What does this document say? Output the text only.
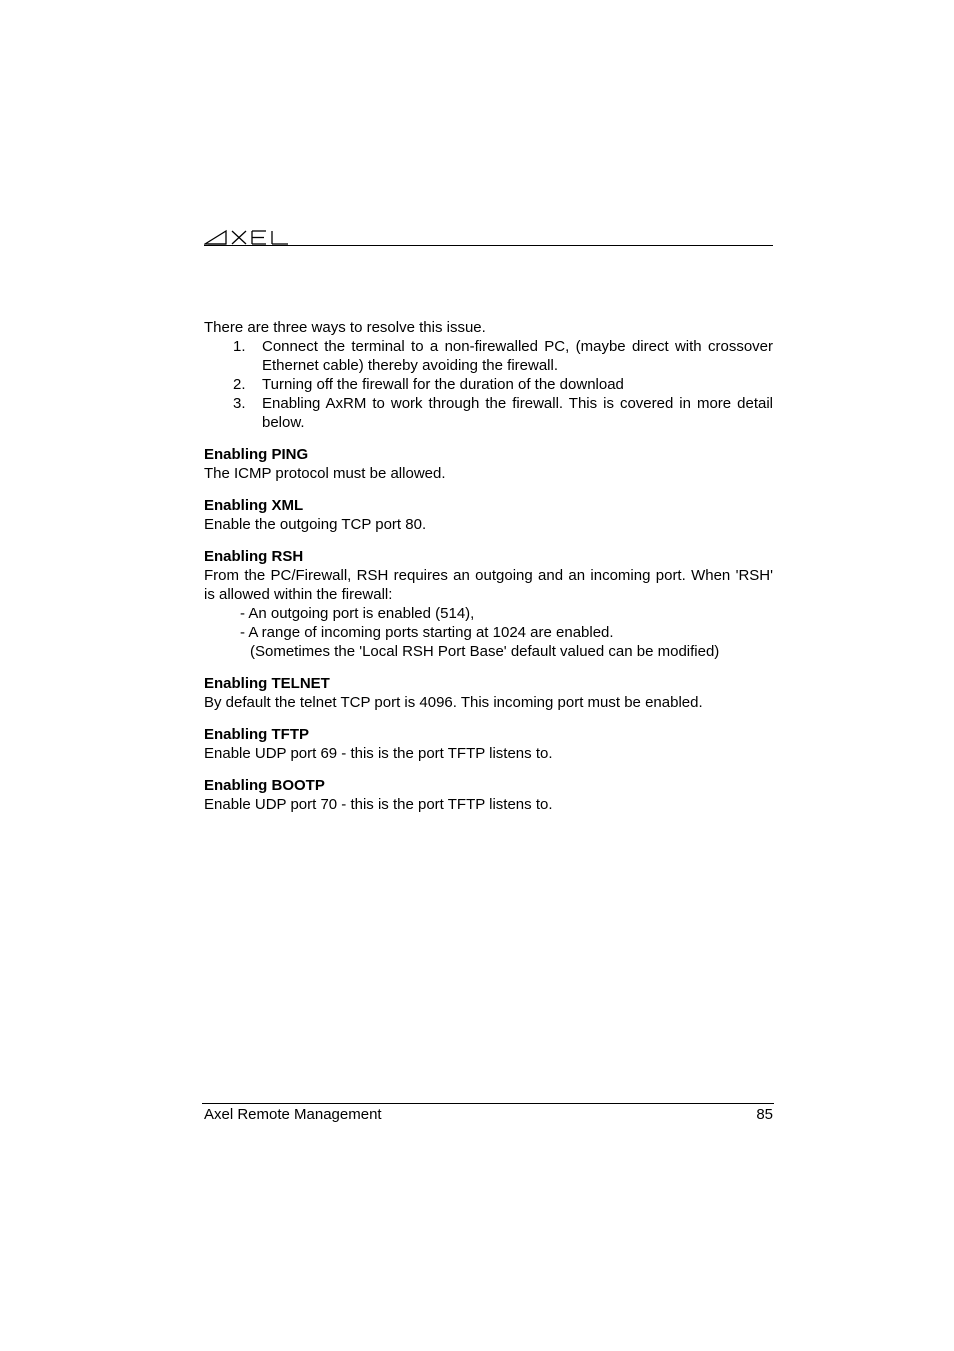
There are three ways to resolve this issue.

1. Connect the terminal to a non-firewalled PC, (maybe direct with crossover Ethernet cable) thereby avoiding the firewall.
2. Turning off the firewall for the duration of the download
3. Enabling AxRM to work through the firewall. This is covered in more detail below.

Enabling PING

The ICMP protocol must be allowed.

Enabling XML

Enable the outgoing TCP port 80.

Enabling RSH

From the PC/Firewall, RSH requires an outgoing and an incoming port. When 'RSH' is allowed within the firewall:

- An outgoing port is enabled (514),

- A range of incoming ports starting at 1024 are enabled.

(Sometimes the 'Local RSH Port Base' default valued can be modified)

Enabling TELNET

By default the telnet TCP port is 4096. This incoming port must be enabled.

Enabling TFTP

Enable UDP port 69 - this is the port TFTP listens to.

Enabling BOOTP

Enable UDP port 70 - this is the port TFTP listens to.

Axel Remote Management	85
